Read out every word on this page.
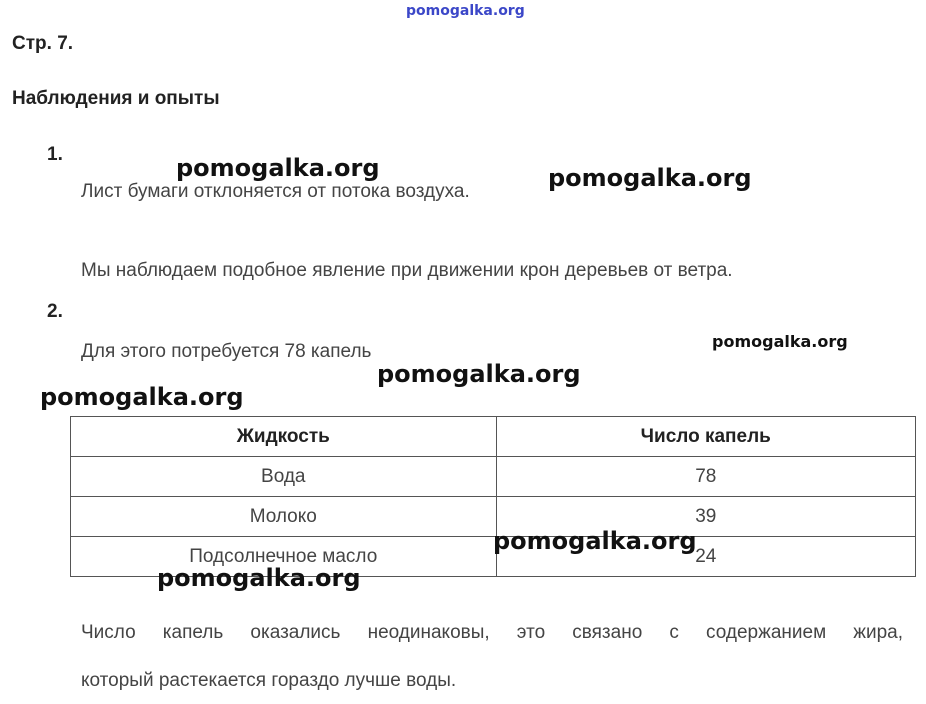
pomogalka.org
Стр. 7.
Наблюдения и опыты
1.
Лист бумаги отклоняется от потока воздуха.
Мы наблюдаем подобное явление при движении крон деревьев от ветра.
2.
Для этого потребуется 78 капель
Жидкость	Число капель
Вода	78
Молоко	39
Подсолнечное масло	24
Число капель оказались неодинаковы, это связано с содержанием жира,
который растекается гораздо лучше воды.
pomogalka.org	pomogalka.org
pomogalka.org
pomogalka.org
pomogalka.org
pomogalka.org
pomogalka.org
